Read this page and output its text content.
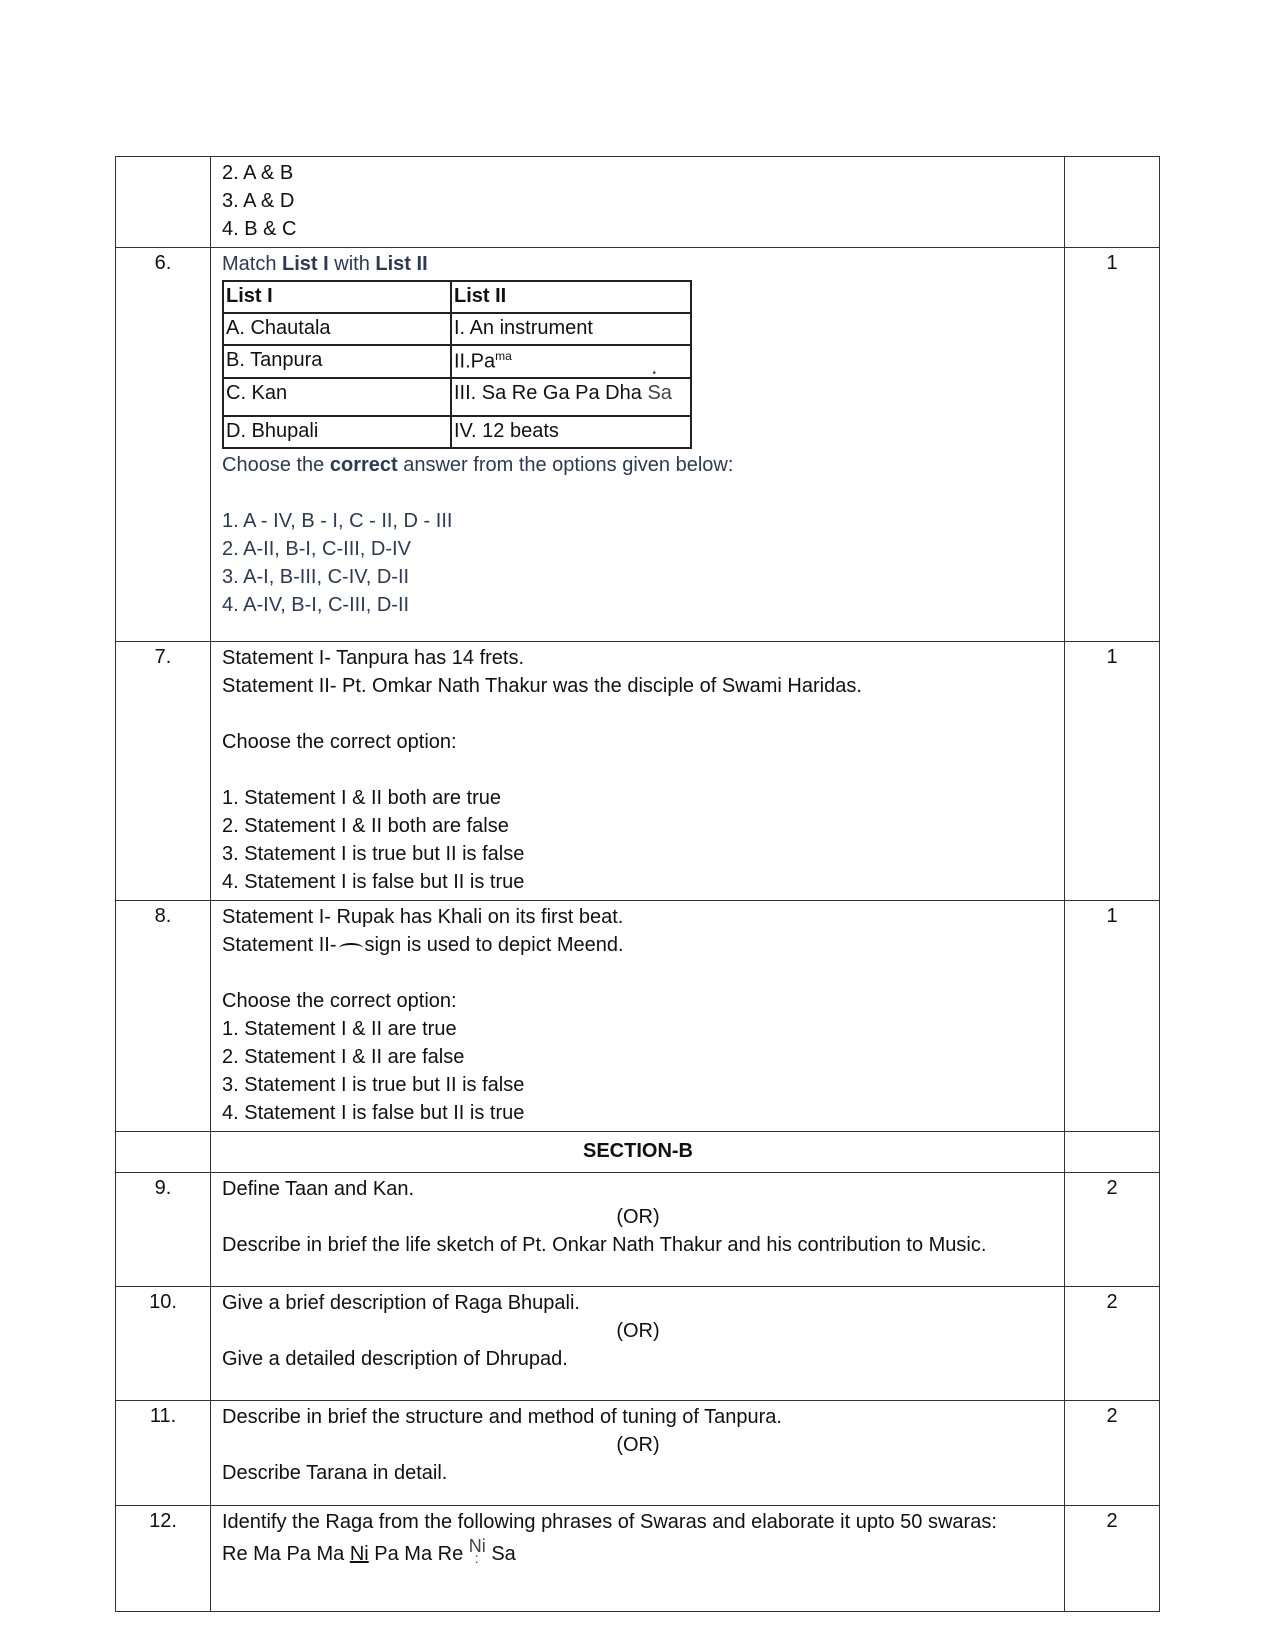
2. A & B
3. A & D
4. B & C

6.	Match List I with List II
List I	List II
A. Chautala	I. An instrument
B. Tanpura	$II.Pa^{ma}$
C. Kan	III. Sa Re Ga Pa Dha Sa •
D. Bhupali	IV. 12 beats
Choose the correct answer from the options given below:
1. A - IV, B - I, C - II, D - III
2. A-II, B-I, C-III, D-IV
3. A-I, B-III, C-IV, D-II
4. A-IV, B-I, C-III, D-II
	1
7.	Statement I- Tanpura has 14 frets.
Statement II- Pt. Omkar Nath Thakur was the disciple of Swami Haridas.
Choose the correct option:
1. Statement I & II both are true
2. Statement I & II both are false
3. Statement I is true but II is false
4. Statement I is false but II is true
	1
8.	Statement I- Rupak has Khali on its first beat.
Statement II- sign is used to depict Meend.
Choose the correct option:
1. Statement I & II are true
2. Statement I & II are false
3. Statement I is true but II is false
4. Statement I is false but II is true
	1
	SECTION-B	
9.	Define Taan and Kan.
(OR)
Describe in brief the life sketch of Pt. Onkar Nath Thakur and his contribution to Music.
	2
10.	Give a brief description of Raga Bhupali.
(OR)
Give a detailed description of Dhrupad.
	2
11.	Describe in brief the structure and method of tuning of Tanpura.
(OR)
Describe Tarana in detail.
	2
12.	Identify the Raga from the following phrases of Swaras and elaborate it upto 50 swaras:
Re Ma Pa Ma Ni Pa Ma Re Ni : Sa
	2
